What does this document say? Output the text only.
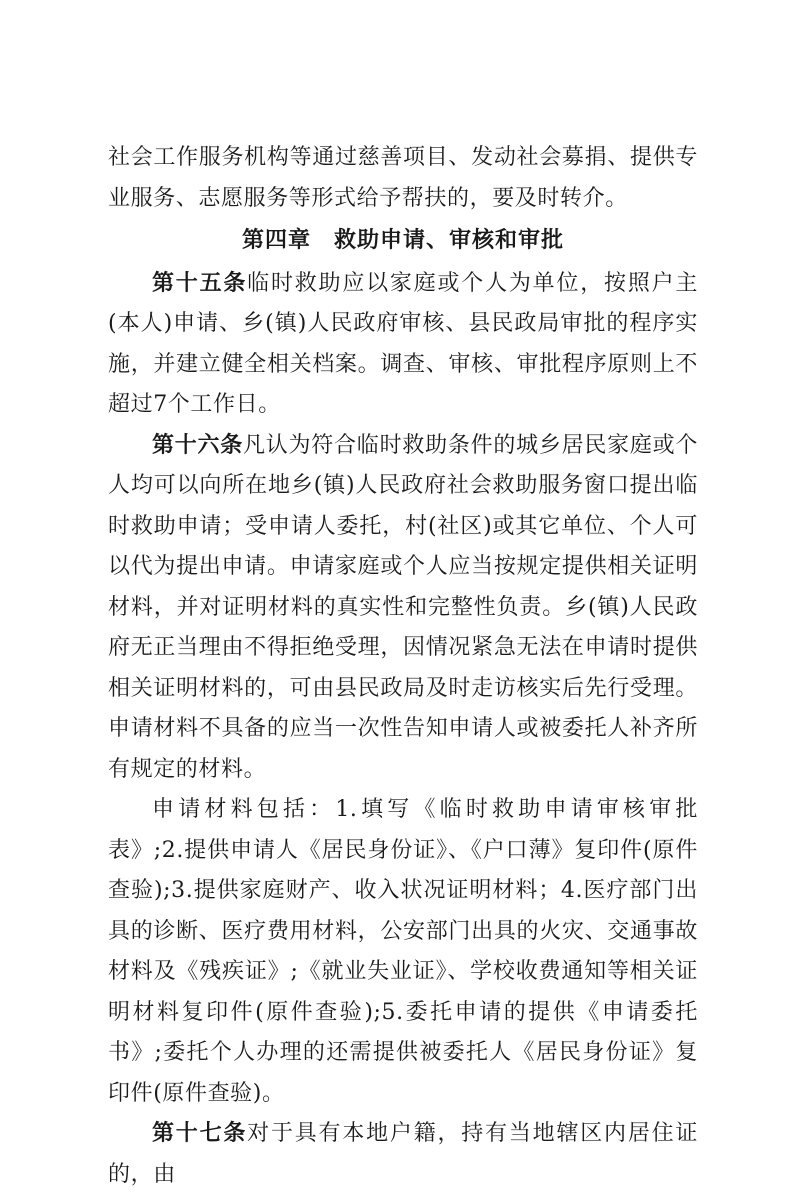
社会工作服务机构等通过慈善项目、发动社会募捐、提供专业服务、志愿服务等形式给予帮扶的，要及时转介。

第四章　救助申请、审核和审批

第十五条临时救助应以家庭或个人为单位，按照户主(本人)申请、乡(镇)人民政府审核、县民政局审批的程序实施，并建立健全相关档案。调查、审核、审批程序原则上不超过7个工作日。

第十六条凡认为符合临时救助条件的城乡居民家庭或个人均可以向所在地乡(镇)人民政府社会救助服务窗口提出临时救助申请；受申请人委托，村(社区)或其它单位、个人可以代为提出申请。申请家庭或个人应当按规定提供相关证明材料，并对证明材料的真实性和完整性负责。乡(镇)人民政府无正当理由不得拒绝受理，因情况紧急无法在申请时提供相关证明材料的，可由县民政局及时走访核实后先行受理。申请材料不具备的应当一次性告知申请人或被委托人补齐所有规定的材料。

申请材料包括：1.填写《临时救助申请审核审批表》;2.提供申请人《居民身份证》、《户口薄》复印件(原件查验);3.提供家庭财产、收入状况证明材料；4.医疗部门出具的诊断、医疗费用材料，公安部门出具的火灾、交通事故材料及《残疾证》;《就业失业证》、学校收费通知等相关证明材料复印件(原件查验);5.委托申请的提供《申请委托书》;委托个人办理的还需提供被委托人《居民身份证》复印件(原件查验)。

第十七条对于具有本地户籍，持有当地辖区内居住证的，由
